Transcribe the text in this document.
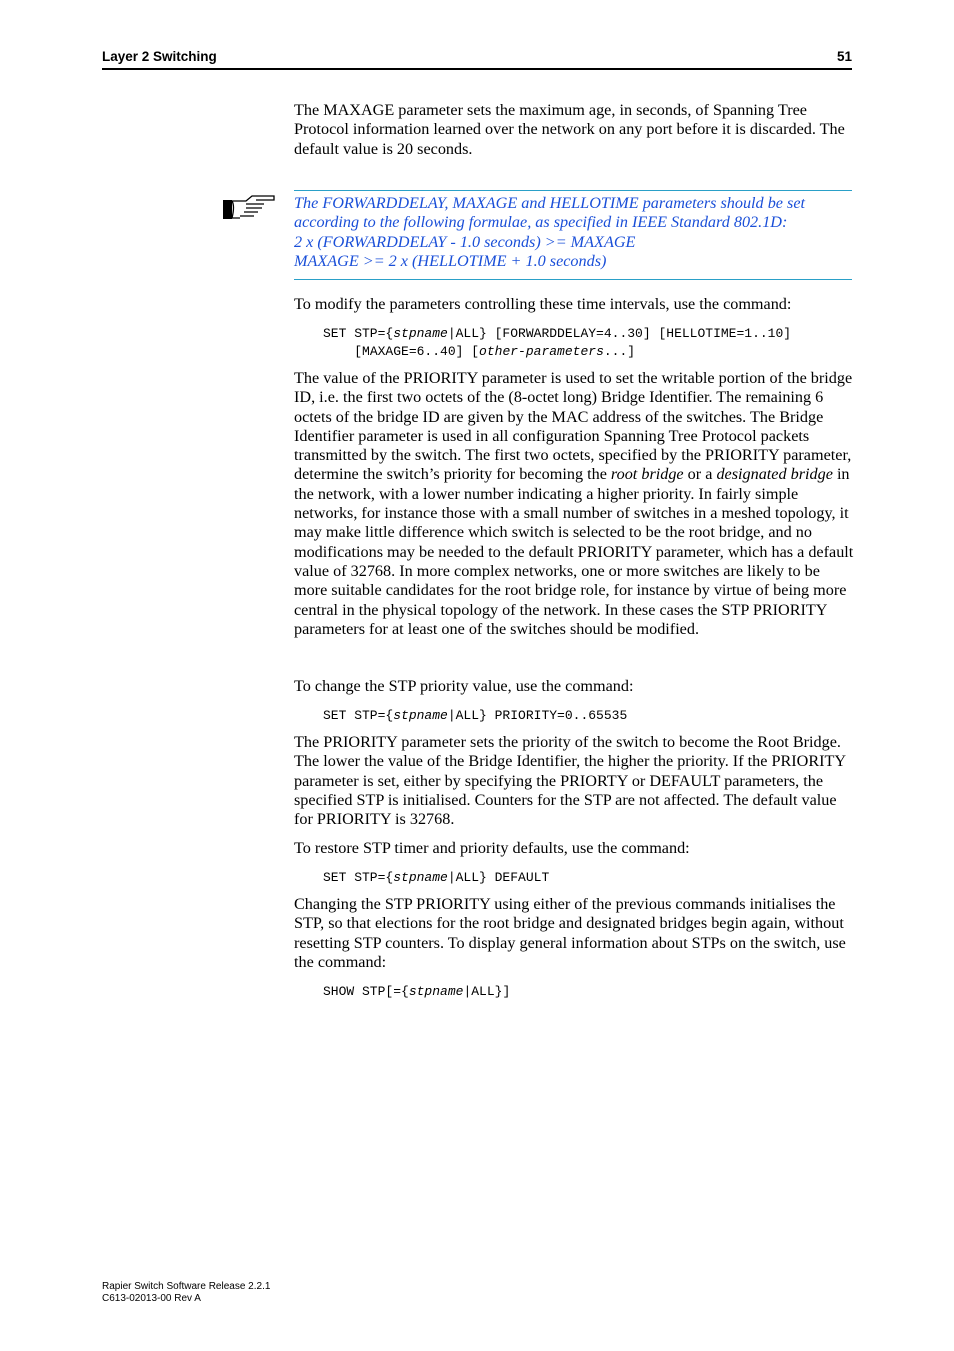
Layer 2 Switching	51

The MAXAGE parameter sets the maximum age, in seconds, of Spanning Tree Protocol information learned over the network on any port before it is discarded. The default value is 20 seconds.

The FORWARDDELAY, MAXAGE and HELLOTIME parameters should be set
according to the following formulae, as specified in IEEE Standard 802.1D:
2 x (FORWARDDELAY - 1.0 seconds) >= MAXAGE
MAXAGE >= 2 x (HELLOTIME + 1.0 seconds)

To modify the parameters controlling these time intervals, use the command:

SET STP={stpname|ALL} [FORWARDDELAY=4..30] [HELLOTIME=1..10]
[MAXAGE=6..40] [other-parameters...]

The value of the PRIORITY parameter is used to set the writable portion of the bridge ID, i.e. the first two octets of the (8-octet long) Bridge Identifier. The remaining 6 octets of the bridge ID are given by the MAC address of the switches. The Bridge Identifier parameter is used in all configuration Spanning Tree Protocol packets transmitted by the switch. The first two octets, specified by the PRIORITY parameter, determine the switch’s priority for becoming the root bridge or a designated bridge in the network, with a lower number indicating a higher priority. In fairly simple networks, for instance those with a small number of switches in a meshed topology, it may make little difference which switch is selected to be the root bridge, and no modifications may be needed to the default PRIORITY parameter, which has a default value of 32768. In more complex networks, one or more switches are likely to be more suitable candidates for the root bridge role, for instance by virtue of being more central in the physical topology of the network. In these cases the STP PRIORITY parameters for at least one of the switches should be modified.

To change the STP priority value, use the command:

SET STP={stpname|ALL} PRIORITY=0..65535

The PRIORITY parameter sets the priority of the switch to become the Root Bridge. The lower the value of the Bridge Identifier, the higher the priority. If the PRIORITY parameter is set, either by specifying the PRIORTY or DEFAULT parameters, the specified STP is initialised. Counters for the STP are not affected. The default value for PRIORITY is 32768.

To restore STP timer and priority defaults, use the command:

SET STP={stpname|ALL} DEFAULT

Changing the STP PRIORITY using either of the previous commands initialises the STP, so that elections for the root bridge and designated bridges begin again, without resetting STP counters. To display general information about STPs on the switch, use the command:

SHOW STP[={stpname|ALL}]
Rapier Switch Software Release 2.2.1
C613-02013-00 Rev A
